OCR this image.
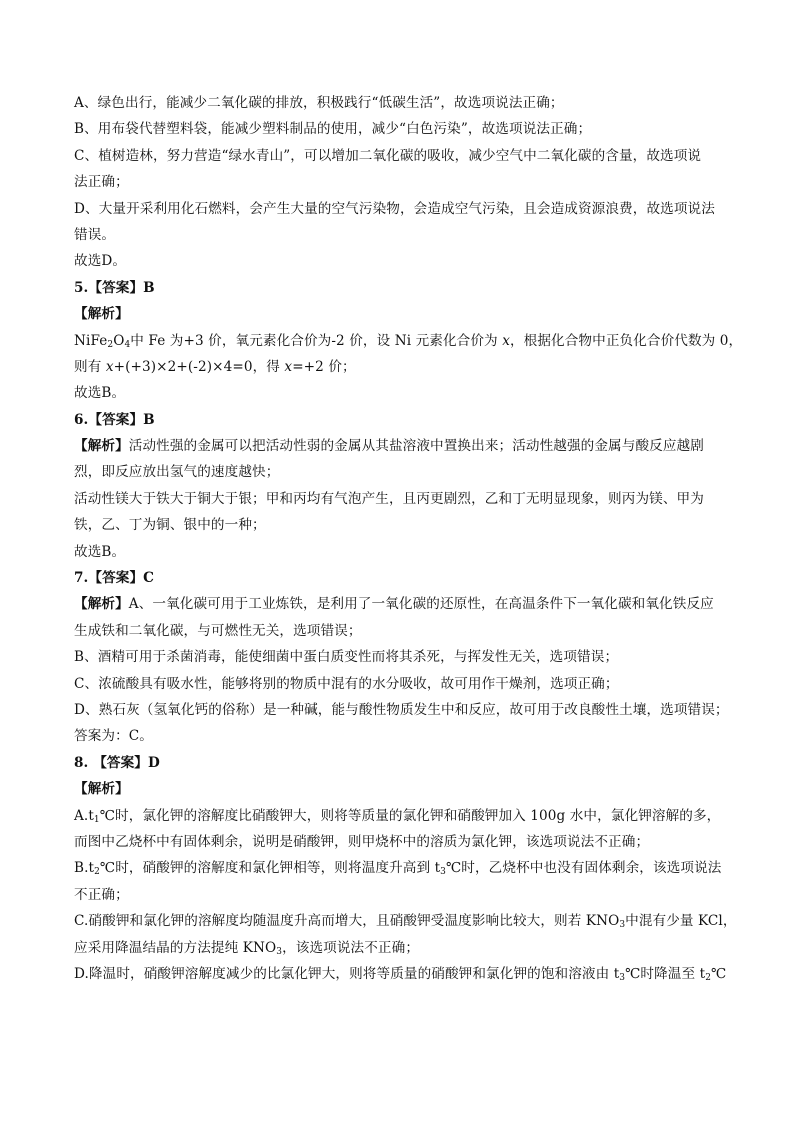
A、绿色出行，能减少二氧化碳的排放，积极践行“低碳生活”，故选项说法正确；
B、用布袋代替塑料袋，能减少塑料制品的使用，减少“白色污染”，故选项说法正确；
C、植树造林，努力营造“绿水青山”，可以增加二氧化碳的吸收，减少空气中二氧化碳的含量，故选项说
法正确；
D、大量开采利用化石燃料，会产生大量的空气污染物，会造成空气污染，且会造成资源浪费，故选项说法
错误。
故选D。
5.【答案】B
【解析】
$NiFe_2O_4$中 Fe 为+3 价，氧元素化合价为-2 价，设 Ni 元素化合价为 x，根据化合物中正负化合价代数为 0，
则有 x+(+3)×2+(-2)×4=0，得 x=+2 价；
故选B。
6.【答案】B
【解析】活动性强的金属可以把活动性弱的金属从其盐溶液中置换出来；活动性越强的金属与酸反应越剧
烈，即反应放出氢气的速度越快；
活动性镁大于铁大于铜大于银；甲和丙均有气泡产生，且丙更剧烈，乙和丁无明显现象，则丙为镁、甲为
铁，乙、丁为铜、银中的一种；
故选B。
7.【答案】C
【解析】A、一氧化碳可用于工业炼铁，是利用了一氧化碳的还原性，在高温条件下一氧化碳和氧化铁反应
生成铁和二氧化碳，与可燃性无关，选项错误；
B、酒精可用于杀菌消毒，能使细菌中蛋白质变性而将其杀死，与挥发性无关，选项错误；
C、浓硫酸具有吸水性，能够将别的物质中混有的水分吸收，故可用作干燥剂，选项正确；
D、熟石灰（氢氧化钙的俗称）是一种碱，能与酸性物质发生中和反应，故可用于改良酸性土壤，选项错误；
答案为：C。
8. 【答案】D
【解析】
$A.t_1℃$时，氯化钾的溶解度比硝酸钾大，则将等质量的氯化钾和硝酸钾加入 100g 水中，氯化钾溶解的多，
而图中乙烧杯中有固体剩余，说明是硝酸钾，则甲烧杯中的溶质为氯化钾，该选项说法不正确；
$B.t_2℃$时，硝酸钾的溶解度和氯化钾相等，则将温度升高到 $t_3℃$时，乙烧杯中也没有固体剩余，该选项说法
不正确；
C.硝酸钾和氯化钾的溶解度均随温度升高而增大，且硝酸钾受温度影响比较大，则若 $KNO_3$中混有少量 KCl，
应采用降温结晶的方法提纯 $KNO_3$，该选项说法不正确；
D.降温时，硝酸钾溶解度减少的比氯化钾大，则将等质量的硝酸钾和氯化钾的饱和溶液由 $t_3℃$时降温至 $t_2℃$
